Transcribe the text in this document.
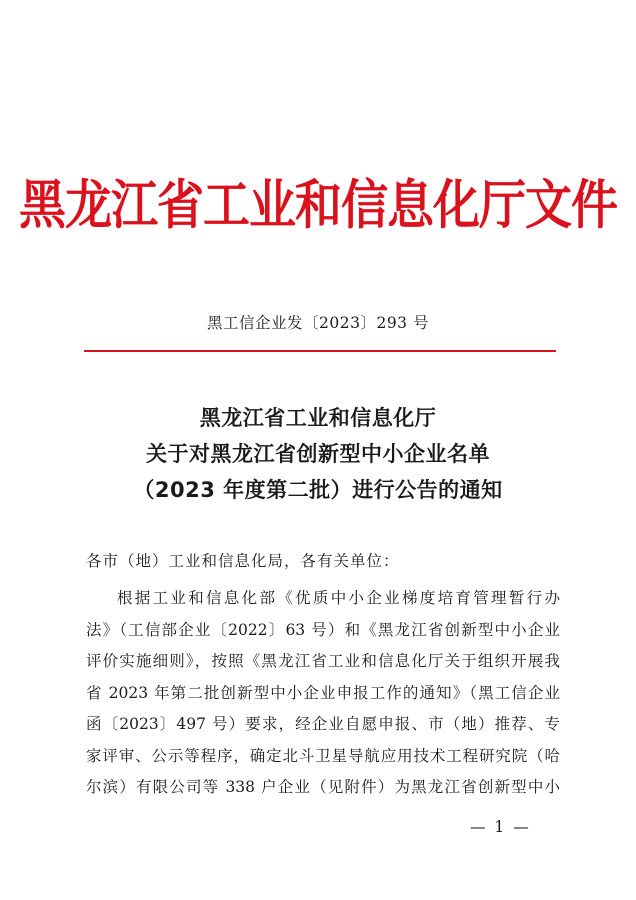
黑龙江省工业和信息化厅文件
黑工信企业发〔2023〕293 号
黑龙江省工业和信息化厅
关于对黑龙江省创新型中小企业名单
（2023 年度第二批）进行公告的通知
各市（地）工业和信息化局，各有关单位：
根据工业和信息化部《优质中小企业梯度培育管理暂行办
法》（工信部企业〔2022〕63 号）和《黑龙江省创新型中小企业
评价实施细则》，按照《黑龙江省工业和信息化厅关于组织开展我
省 2023 年第二批创新型中小企业申报工作的通知》（黑工信企业
函〔2023〕497 号）要求，经企业自愿申报、市（地）推荐、专
家评审、公示等程序，确定北斗卫星导航应用技术工程研究院（哈
尔滨）有限公司等 338 户企业（见附件）为黑龙江省创新型中小
— 1 —
